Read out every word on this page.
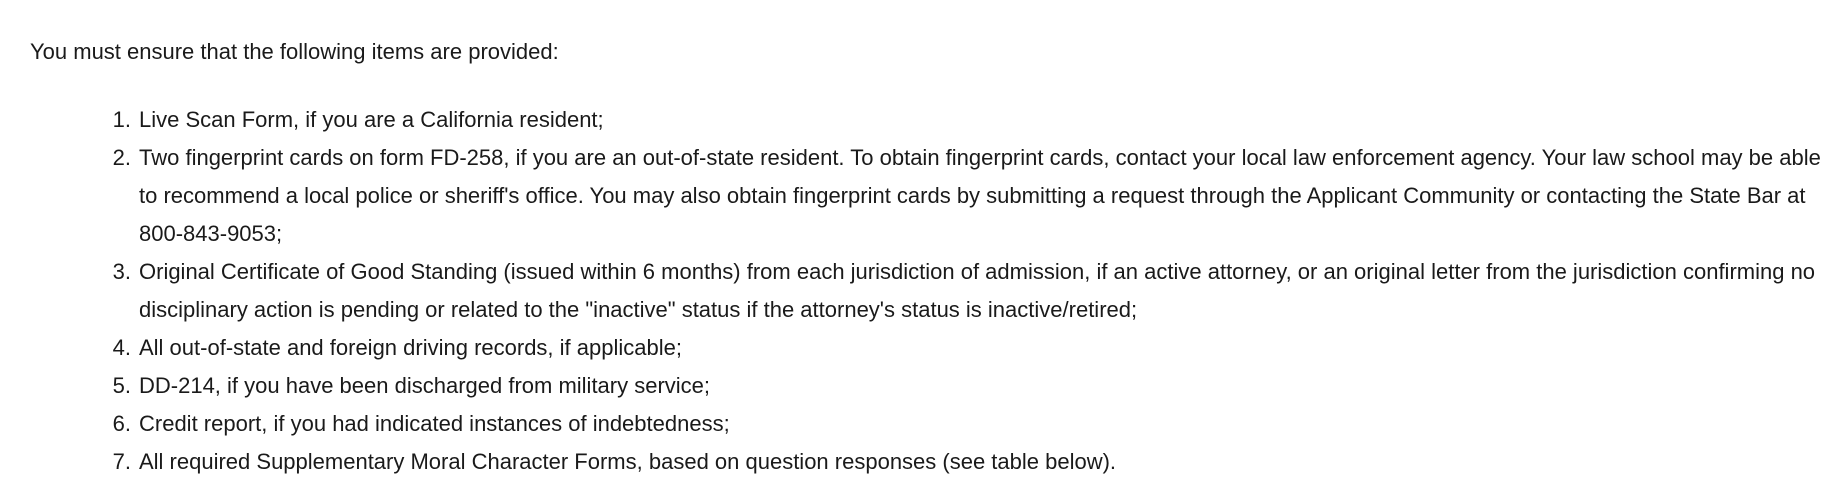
You must ensure that the following items are provided:

1. Live Scan Form, if you are a California resident;
2. Two fingerprint cards on form FD-258, if you are an out-of-state resident. To obtain fingerprint cards, contact your local law enforcement agency. Your law school may be able to recommend a local police or sheriff's office. You may also obtain fingerprint cards by submitting a request through the Applicant Community or contacting the State Bar at 800-843-9053;
3. Original Certificate of Good Standing (issued within 6 months) from each jurisdiction of admission, if an active attorney, or an original letter from the jurisdiction confirming no disciplinary action is pending or related to the "inactive" status if the attorney's status is inactive/retired;
4. All out-of-state and foreign driving records, if applicable;
5. DD-214, if you have been discharged from military service;
6. Credit report, if you had indicated instances of indebtedness;
7. All required Supplementary Moral Character Forms, based on question responses (see table below).
